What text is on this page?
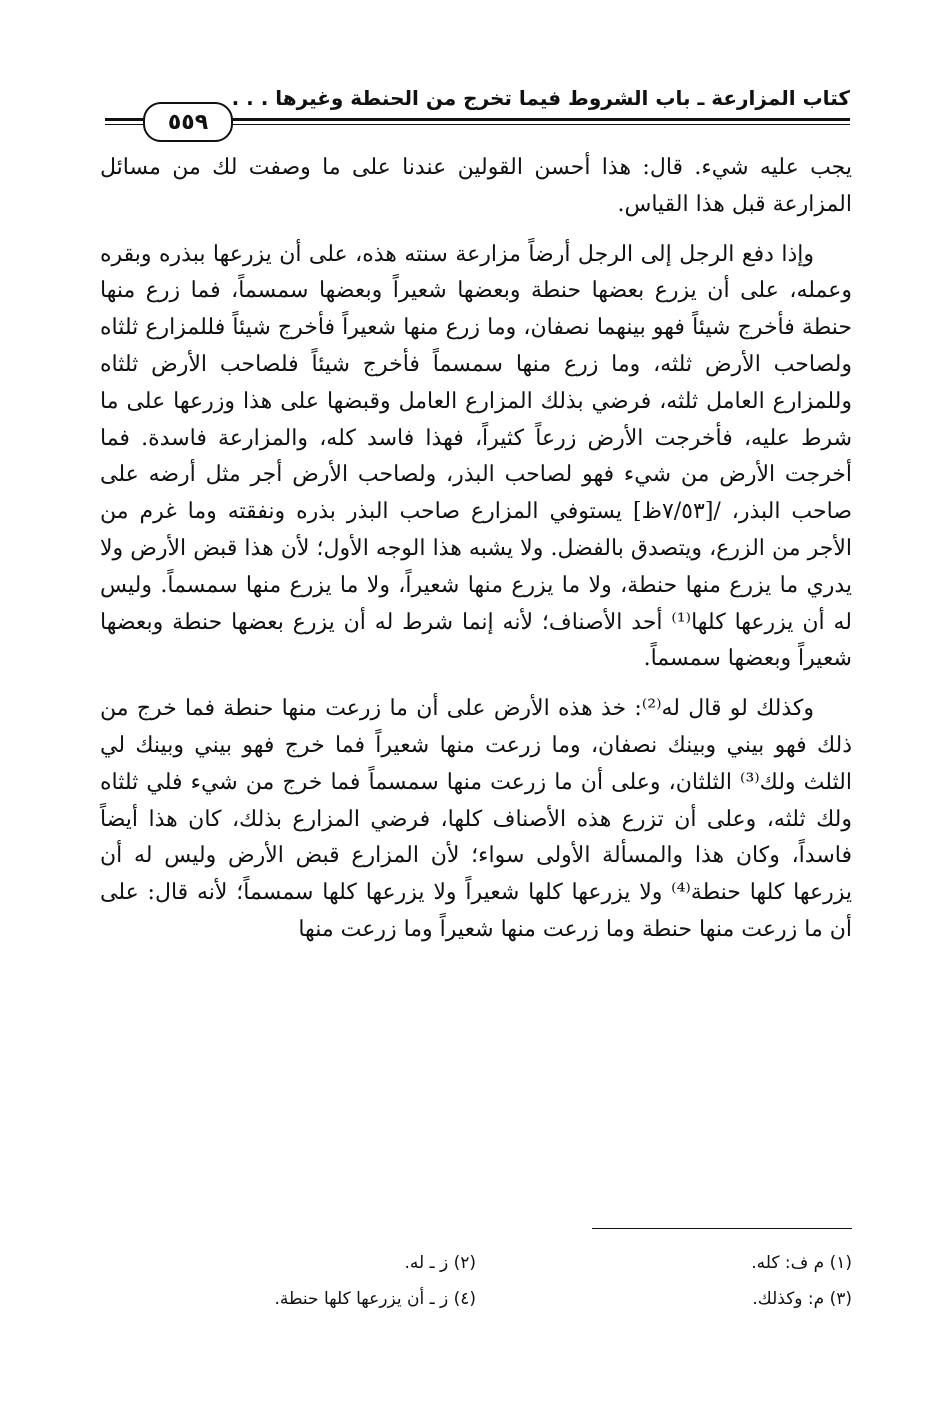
كتاب المزارعة ـ باب الشروط فيما تخرج من الحنطة وغيرها . . .
٥٥٩

يجب عليه شيء. قال: هذا أحسن القولين عندنا على ما وصفت لك من مسائل المزارعة قبل هذا القياس.

وإذا دفع الرجل إلى الرجل أرضاً مزارعة سنته هذه، على أن يزرعها ببذره وبقره وعمله، على أن يزرع بعضها حنطة وبعضها شعيراً وبعضها سمسماً، فما زرع منها حنطة فأخرج شيئاً فهو بينهما نصفان، وما زرع منها شعيراً فأخرج شيئاً فللمزارع ثلثاه ولصاحب الأرض ثلثه، وما زرع منها سمسماً فأخرج شيئاً فلصاحب الأرض ثلثاه وللمزارع العامل ثلثه، فرضي بذلك المزارع العامل وقبضها على هذا وزرعها على ما شرط عليه، فأخرجت الأرض زرعاً كثيراً، فهذا فاسد كله، والمزارعة فاسدة. فما أخرجت الأرض من شيء فهو لصاحب البذر، ولصاحب الأرض أجر مثل أرضه على صاحب البذر، /[٧/٥٣ظ] يستوفي المزارع صاحب البذر بذره ونفقته وما غرم من الأجر من الزرع، ويتصدق بالفضل. ولا يشبه هذا الوجه الأول؛ لأن هذا قبض الأرض ولا يدري ما يزرع منها حنطة، ولا ما يزرع منها شعيراً، ولا ما يزرع منها سمسماً. وليس له أن يزرعها كلها⁽¹⁾ أحد الأصناف؛ لأنه إنما شرط له أن يزرع بعضها حنطة وبعضها شعيراً وبعضها سمسماً.

وكذلك لو قال له⁽²⁾: خذ هذه الأرض على أن ما زرعت منها حنطة فما خرج من ذلك فهو بيني وبينك نصفان، وما زرعت منها شعيراً فما خرج فهو بيني وبينك لي الثلث ولك⁽³⁾ الثلثان، وعلى أن ما زرعت منها سمسماً فما خرج من شيء فلي ثلثاه ولك ثلثه، وعلى أن تزرع هذه الأصناف كلها، فرضي المزارع بذلك، كان هذا أيضاً فاسداً، وكان هذا والمسألة الأولى سواء؛ لأن المزارع قبض الأرض وليس له أن يزرعها كلها حنطة⁽⁴⁾ ولا يزرعها كلها شعيراً ولا يزرعها كلها سمسماً؛ لأنه قال: على أن ما زرعت منها حنطة وما زرعت منها شعيراً وما زرعت منها

(١) م ف: كله.
(٢) ز ـ له.
(٣) م: وكذلك.
(٤) ز ـ أن يزرعها كلها حنطة.
